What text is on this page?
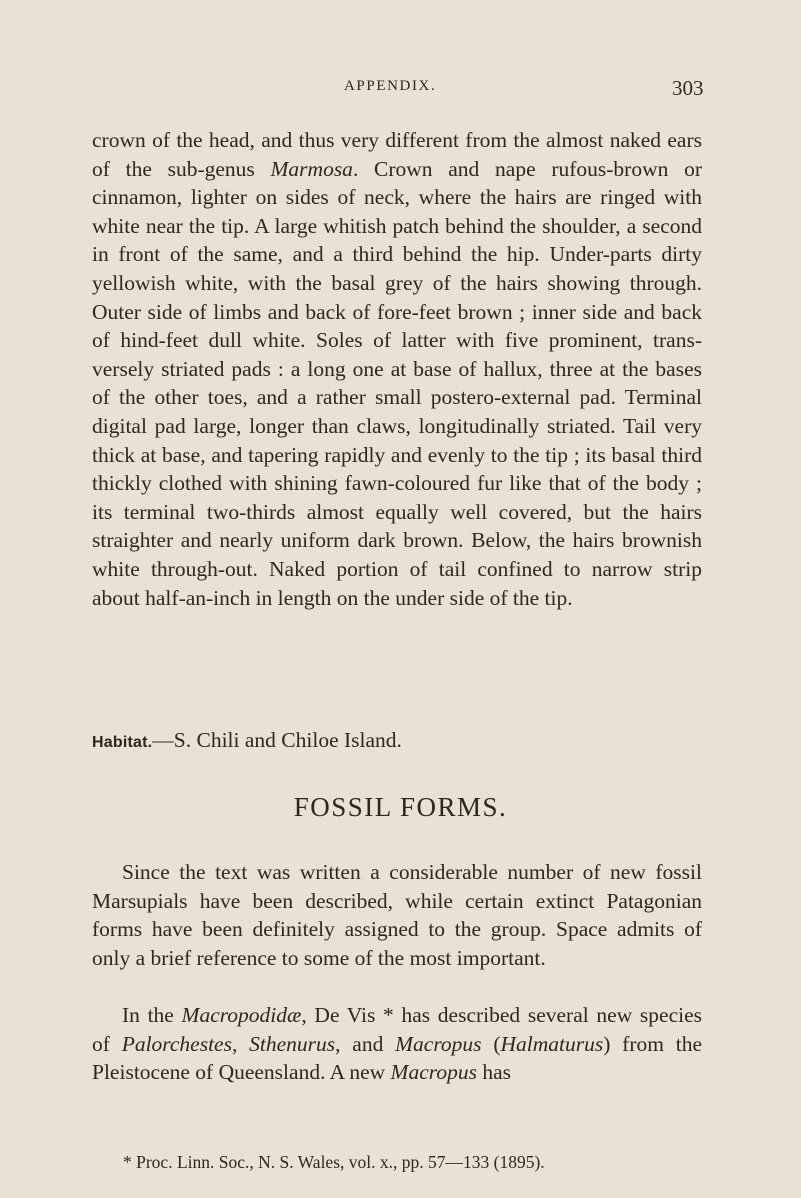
APPENDIX.	303
crown of the head, and thus very different from the almost naked ears of the sub-genus Marmosa. Crown and nape rufous-brown or cinnamon, lighter on sides of neck, where the hairs are ringed with white near the tip. A large whitish patch behind the shoulder, a second in front of the same, and a third behind the hip. Under-parts dirty yellowish white, with the basal grey of the hairs showing through. Outer side of limbs and back of fore-feet brown ; inner side and back of hind-feet dull white. Soles of latter with five prominent, trans-versely striated pads : a long one at base of hallux, three at the bases of the other toes, and a rather small postero-external pad. Terminal digital pad large, longer than claws, longitudinally striated. Tail very thick at base, and tapering rapidly and evenly to the tip ; its basal third thickly clothed with shining fawn-coloured fur like that of the body ; its terminal two-thirds almost equally well covered, but the hairs straighter and nearly uniform dark brown. Below, the hairs brownish white through-out. Naked portion of tail confined to narrow strip about half-an-inch in length on the under side of the tip.
Habitat.—S. Chili and Chiloe Island.
FOSSIL FORMS.
Since the text was written a considerable number of new fossil Marsupials have been described, while certain extinct Patagonian forms have been definitely assigned to the group. Space admits of only a brief reference to some of the most important.
In the Macropodidæ, De Vis * has described several new species of Palorchestes, Sthenurus, and Macropus (Halmaturus) from the Pleistocene of Queensland. A new Macropus has
* Proc. Linn. Soc., N. S. Wales, vol. x., pp. 57—133 (1895).
